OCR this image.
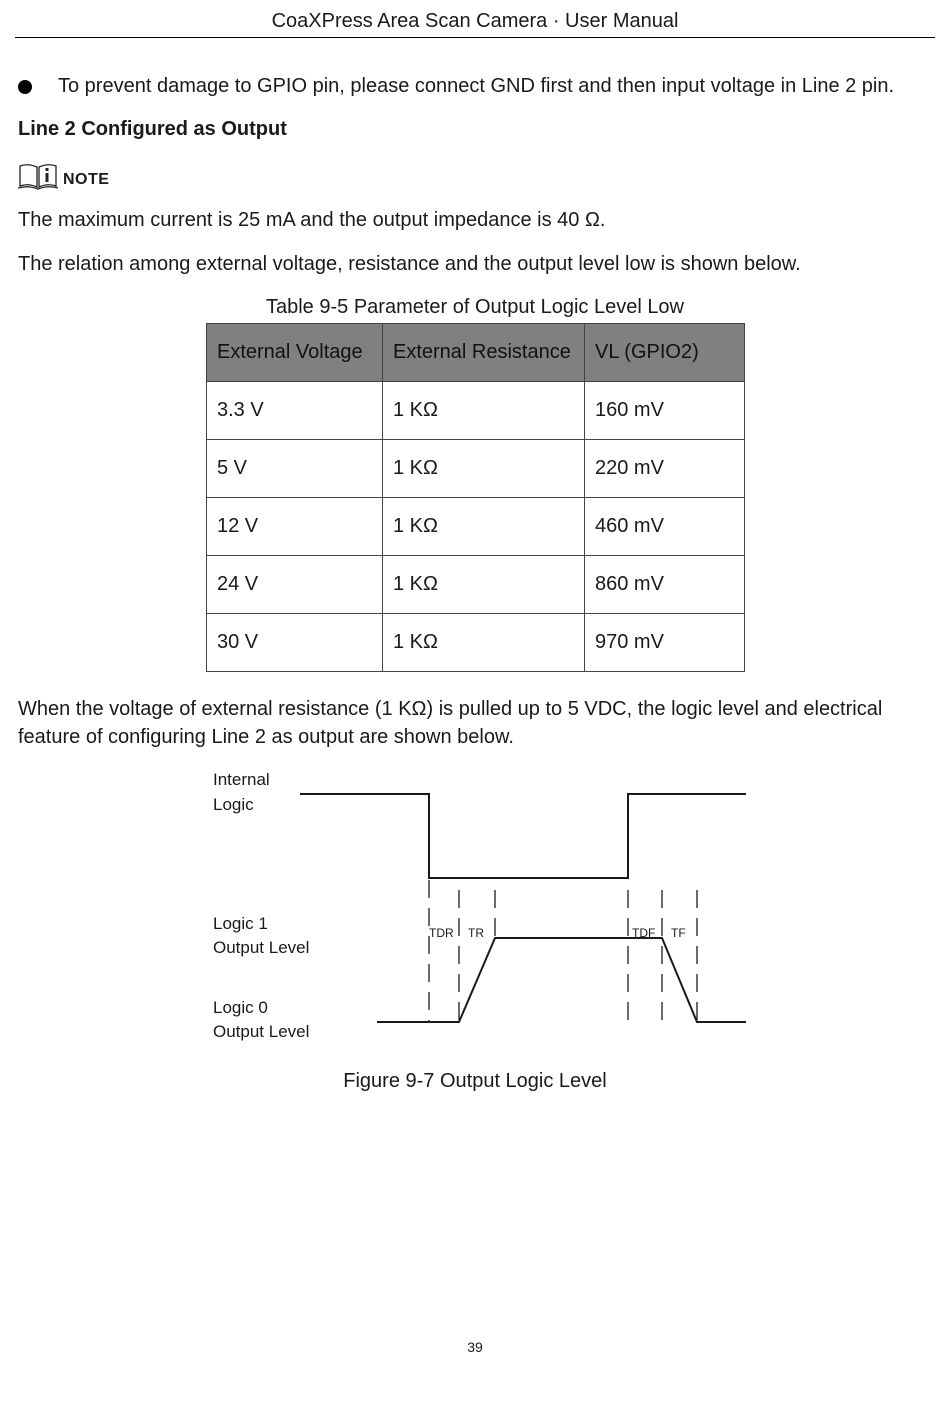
CoaXPress Area Scan Camera · User Manual
To prevent damage to GPIO pin, please connect GND first and then input voltage in Line 2 pin.
Line 2 Configured as Output
NOTE
The maximum current is 25 mA and the output impedance is 40 Ω.
The relation among external voltage, resistance and the output level low is shown below.
Table 9-5 Parameter of Output Logic Level Low
External Voltage	External Resistance	VL (GPIO2)
3.3 V	1 KΩ	160 mV
5 V	1 KΩ	220 mV
12 V	1 KΩ	460 mV
24 V	1 KΩ	860 mV
30 V	1 KΩ	970 mV
When the voltage of external resistance (1 KΩ) is pulled up to 5 VDC, the logic level and electrical feature of configuring Line 2 as output are shown below.
Internal
Logic
Logic 1
Output Level
Logic 0
Output Level
TDR TR	TDF TF
Figure 9-7 Output Logic Level
39
